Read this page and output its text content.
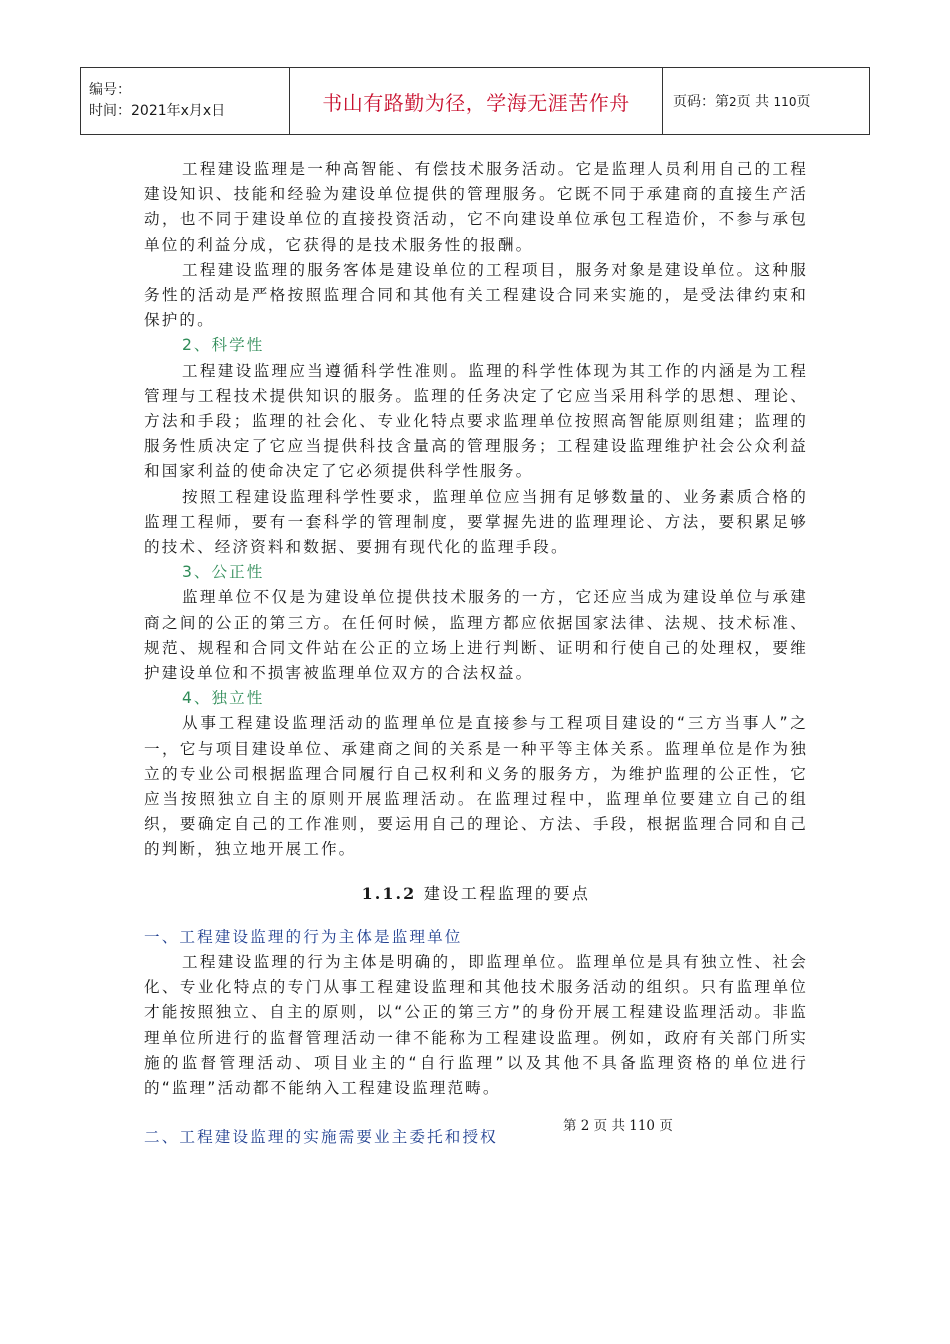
编号：
时间：2021年x月x日	书山有路勤为径，学海无涯苦作舟	页码：第2页 共 110页

工程建设监理是一种高智能、有偿技术服务活动。它是监理人员利用自己的工程建设知识、技能和经验为建设单位提供的管理服务。它既不同于承建商的直接生产活动，也不同于建设单位的直接投资活动，它不向建设单位承包工程造价，不参与承包单位的利益分成，它获得的是技术服务性的报酬。

工程建设监理的服务客体是建设单位的工程项目，服务对象是建设单位。这种服务性的活动是严格按照监理合同和其他有关工程建设合同来实施的，是受法律约束和保护的。

2、科学性

工程建设监理应当遵循科学性准则。监理的科学性体现为其工作的内涵是为工程管理与工程技术提供知识的服务。监理的任务决定了它应当采用科学的思想、理论、方法和手段；监理的社会化、专业化特点要求监理单位按照高智能原则组建；监理的服务性质决定了它应当提供科技含量高的管理服务；工程建设监理维护社会公众利益和国家利益的使命决定了它必须提供科学性服务。

按照工程建设监理科学性要求，监理单位应当拥有足够数量的、业务素质合格的监理工程师，要有一套科学的管理制度，要掌握先进的监理理论、方法，要积累足够的技术、经济资料和数据、要拥有现代化的监理手段。

3、公正性

监理单位不仅是为建设单位提供技术服务的一方，它还应当成为建设单位与承建商之间的公正的第三方。在任何时候，监理方都应依据国家法律、法规、技术标准、规范、规程和合同文件站在公正的立场上进行判断、证明和行使自己的处理权，要维护建设单位和不损害被监理单位双方的合法权益。

4、独立性

从事工程建设监理活动的监理单位是直接参与工程项目建设的“三方当事人”之一，它与项目建设单位、承建商之间的关系是一种平等主体关系。监理单位是作为独立的专业公司根据监理合同履行自己权利和义务的服务方，为维护监理的公正性，它应当按照独立自主的原则开展监理活动。在监理过程中，监理单位要建立自己的组织，要确定自己的工作准则，要运用自己的理论、方法、手段，根据监理合同和自己的判断，独立地开展工作。

1.1.2 建设工程监理的要点

一、工程建设监理的行为主体是监理单位

工程建设监理的行为主体是明确的，即监理单位。监理单位是具有独立性、社会化、专业化特点的专门从事工程建设监理和其他技术服务活动的组织。只有监理单位才能按照独立、自主的原则，以“公正的第三方”的身份开展工程建设监理活动。非监理单位所进行的监督管理活动一律不能称为工程建设监理。例如，政府有关部门所实施的监督管理活动、项目业主的“自行监理”以及其他不具备监理资格的单位进行的“监理”活动都不能纳入工程建设监理范畴。

二、工程建设监理的实施需要业主委托和授权

第 2 页 共 110 页
